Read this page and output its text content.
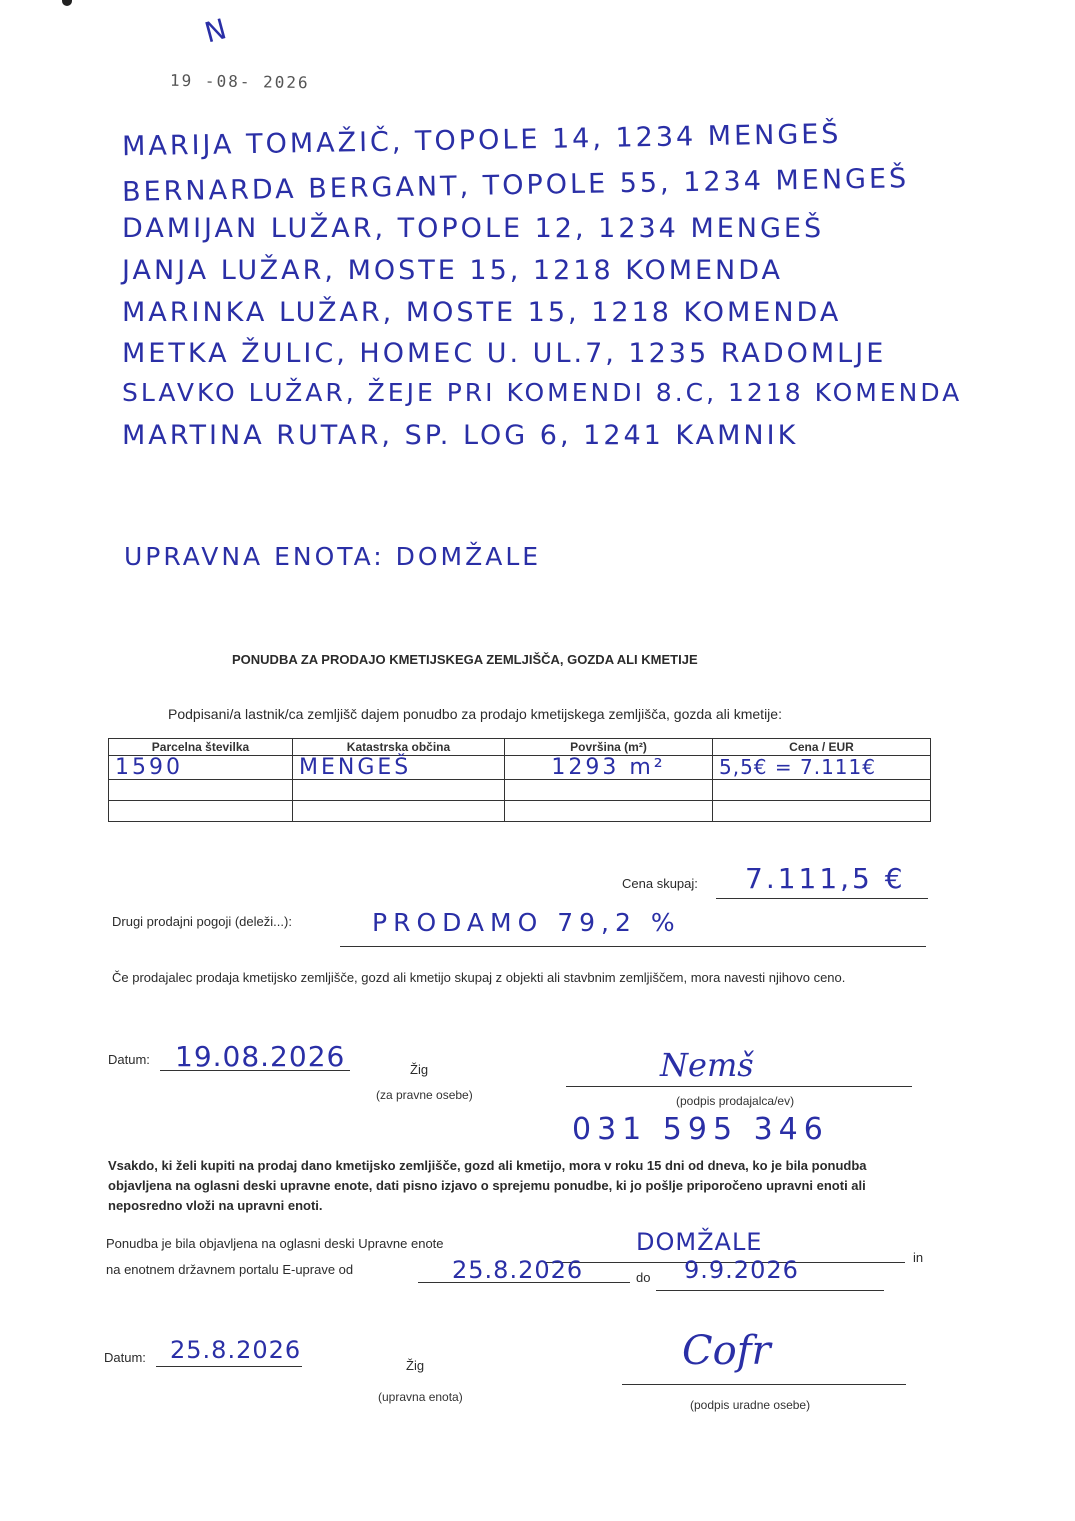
N
19 -08- 2026
MARIJA TOMAŽIČ, TOPOLE 14, 1234 MENGEŠ
BERNARDA BERGANT, TOPOLE 55, 1234 MENGEŠ
DAMIJAN LUŽAR, TOPOLE 12, 1234 MENGEŠ
JANJA LUŽAR, MOSTE 15, 1218 KOMENDA
MARINKA LUŽAR, MOSTE 15, 1218 KOMENDA
METKA ŽULIC, HOMEC U. UL.7, 1235 RADOMLJE
SLAVKO LUŽAR, ŽEJE PRI KOMENDI 8.C, 1218 KOMENDA
MARTINA RUTAR, SP. LOG 6, 1241 KAMNIK
UPRAVNA ENOTA: DOMŽALE
PONUDBA ZA PRODAJO KMETIJSKEGA ZEMLJIŠČA, GOZDA ALI KMETIJE
Podpisani/a lastnik/ca zemljišč dajem ponudbo za prodajo kmetijskega zemljišča, gozda ali kmetije:
Parcelna številka	Katastrska občina	Površina (m²)	Cena / EUR
1590	MENGEŠ	1293 m²	5,5€ = 7.111€

Cena skupaj: 7.111,5 €
Drugi prodajni pogoji (deleži...):	PRODAMO 79,2 %
Če prodajalec prodaja kmetijsko zemljišče, gozd ali kmetijo skupaj z objekti ali stavbnim zemljiščem, mora navesti njihovo ceno.
Datum: 19.08.2026	Žig
(za pravne osebe)
Nemš
(podpis prodajalca/ev)
031 595 346
Vsakdo, ki želi kupiti na prodaj dano kmetijsko zemljišče, gozd ali kmetijo, mora v roku 15 dni od dneva, ko je bila ponudba objavljena na oglasni deski upravne enote, dati pisno izjavo o sprejemu ponudbe, ki jo pošlje priporočeno upravni enoti ali neposredno vloži na upravni enoti.
Ponudba je bila objavljena na oglasni deski Upravne enote	DOMŽALE
in
na enotnem državnem portalu E-uprave od	25.8.2026	do 9.9.2026
Datum: 25.8.2026
Žig
(upravna enota)
Cofr
(podpis uradne osebe)
